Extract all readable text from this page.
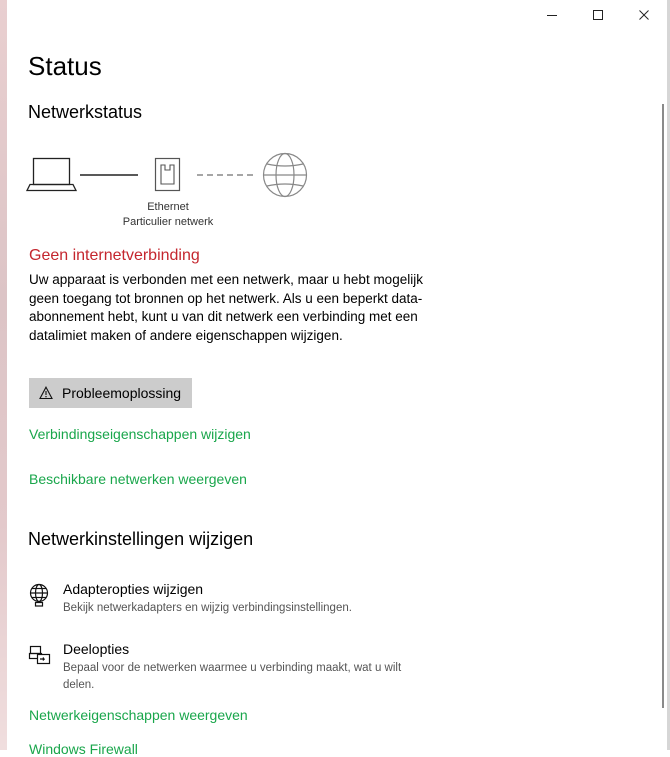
Status
Netwerkstatus
Ethernet
Particulier netwerk
Geen internetverbinding
Uw apparaat is verbonden met een netwerk, maar u hebt mogelijk geen toegang tot bronnen op het netwerk. Als u een beperkt data-abonnement hebt, kunt u van dit netwerk een verbinding met een datalimiet maken of andere eigenschappen wijzigen.
Probleemoplossing
Verbindingseigenschappen wijzigen
Beschikbare netwerken weergeven
Netwerkinstellingen wijzigen
Adapteropties wijzigen
Bekijk netwerkadapters en wijzig verbindingsinstellingen.
Deelopties
Bepaal voor de netwerken waarmee u verbinding maakt, wat u wilt delen.
Netwerkeigenschappen weergeven
Windows Firewall
